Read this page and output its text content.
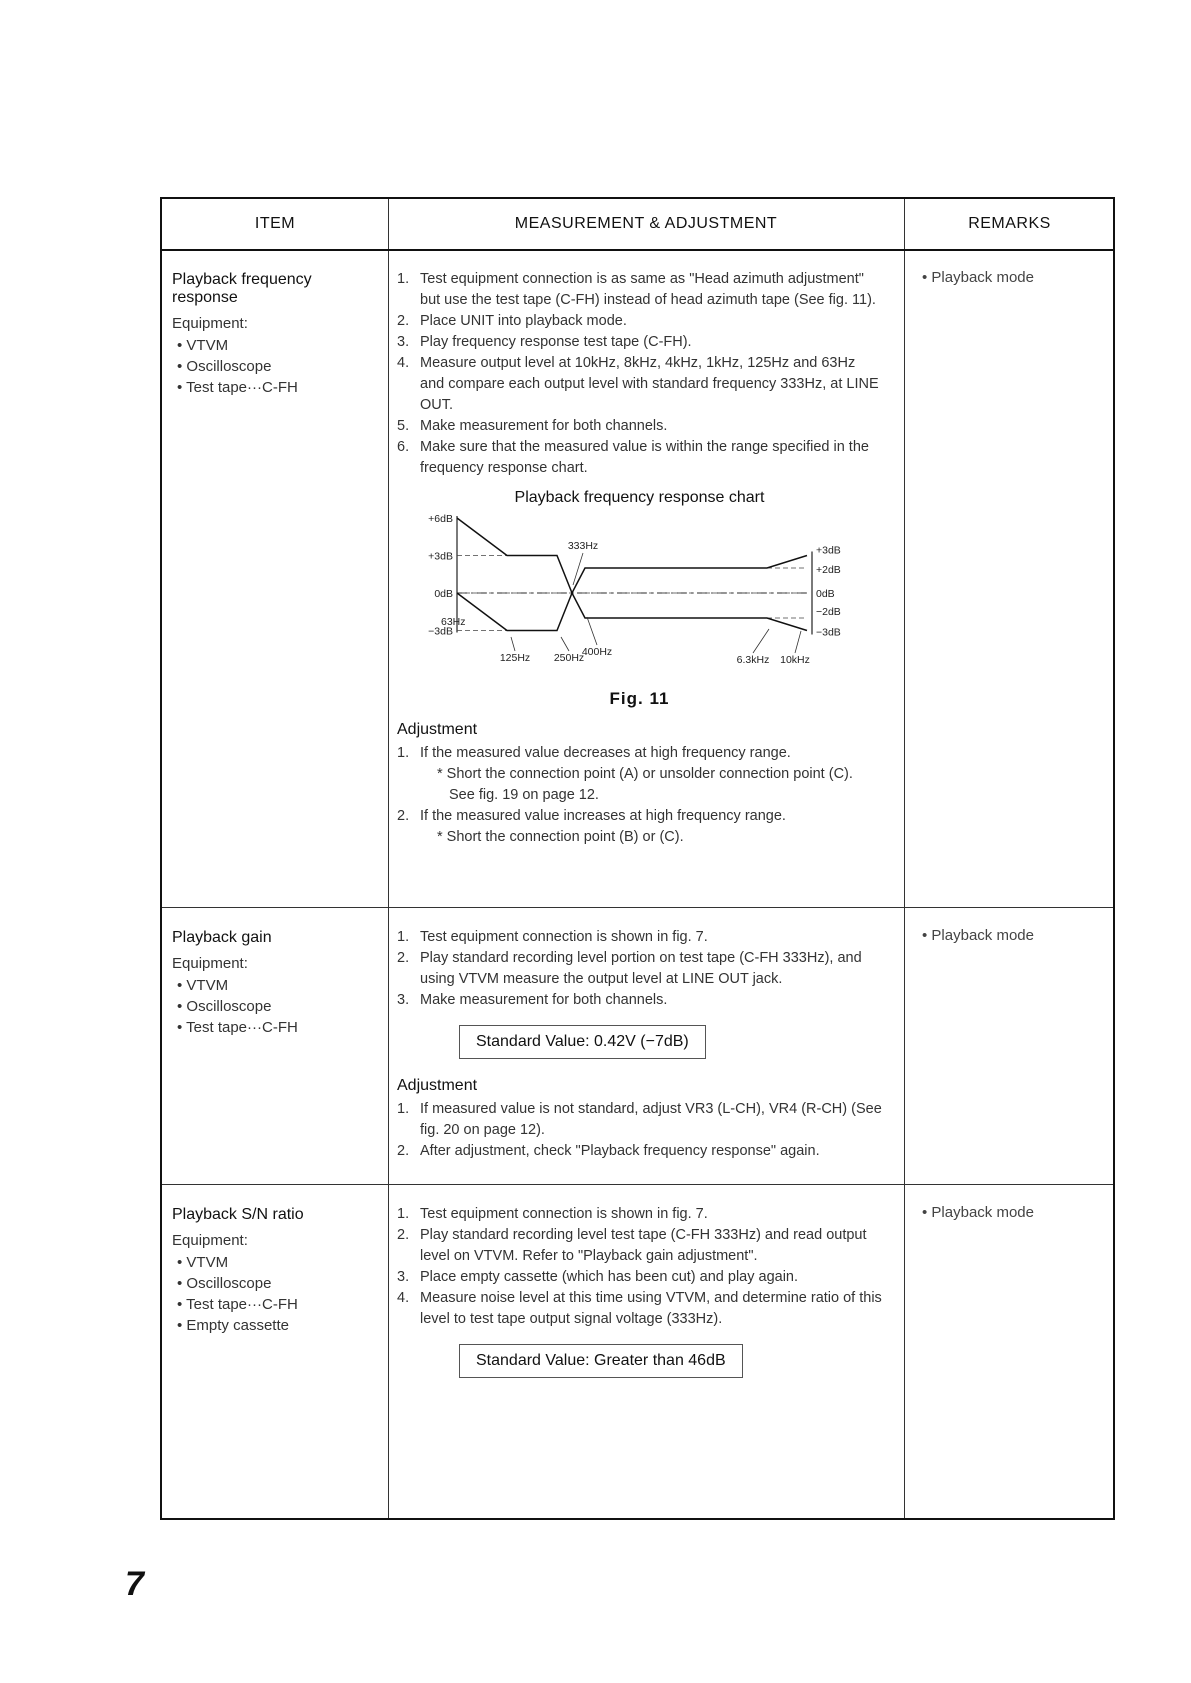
ITEM	MEASUREMENT & ADJUSTMENT	REMARKS
Playback frequency response
Equipment:
• VTVM
• Oscilloscope
• Test tape···C-FH
1. Test equipment connection is as same as "Head azimuth adjustment" but use the test tape (C-FH) instead of head azimuth tape (See fig. 11).
2. Place UNIT into playback mode.
3. Play frequency response test tape (C-FH).
4. Measure output level at 10kHz, 8kHz, 4kHz, 1kHz, 125Hz and 63Hz and compare each output level with standard frequency 333Hz, at LINE OUT.
5. Make measurement for both channels.
6. Make sure that the measured value is within the range specified in the frequency response chart.
Playback frequency response chart
+6dB
+3dB
0dB
−3dB
+3dB
+2dB
0dB
−2dB
−3dB
63Hz
125Hz 250Hz
333Hz
400Hz
6.3kHz 10kHz
Fig. 11
Adjustment
1. If the measured value decreases at high frequency range.
* Short the connection point (A) or unsolder connection point (C).
See fig. 19 on page 12.
2. If the measured value increases at high frequency range.
* Short the connection point (B) or (C).
• Playback mode
Playback gain
Equipment:
• VTVM
• Oscilloscope
• Test tape···C-FH
1. Test equipment connection is shown in fig. 7.
2. Play standard recording level portion on test tape (C-FH 333Hz), and using VTVM measure the output level at LINE OUT jack.
3. Make measurement for both channels.
Standard Value: 0.42V (−7dB)
Adjustment
1. If measured value is not standard, adjust VR3 (L-CH), VR4 (R-CH) (See fig. 20 on page 12).
2. After adjustment, check "Playback frequency response" again.
• Playback mode
Playback S/N ratio
Equipment:
• VTVM
• Oscilloscope
• Test tape···C-FH
• Empty cassette
1. Test equipment connection is shown in fig. 7.
2. Play standard recording level test tape (C-FH 333Hz) and read output level on VTVM. Refer to "Playback gain adjustment".
3. Place empty cassette (which has been cut) and play again.
4. Measure noise level at this time using VTVM, and determine ratio of this level to test tape output signal voltage (333Hz).
Standard Value: Greater than 46dB
• Playback mode
7
